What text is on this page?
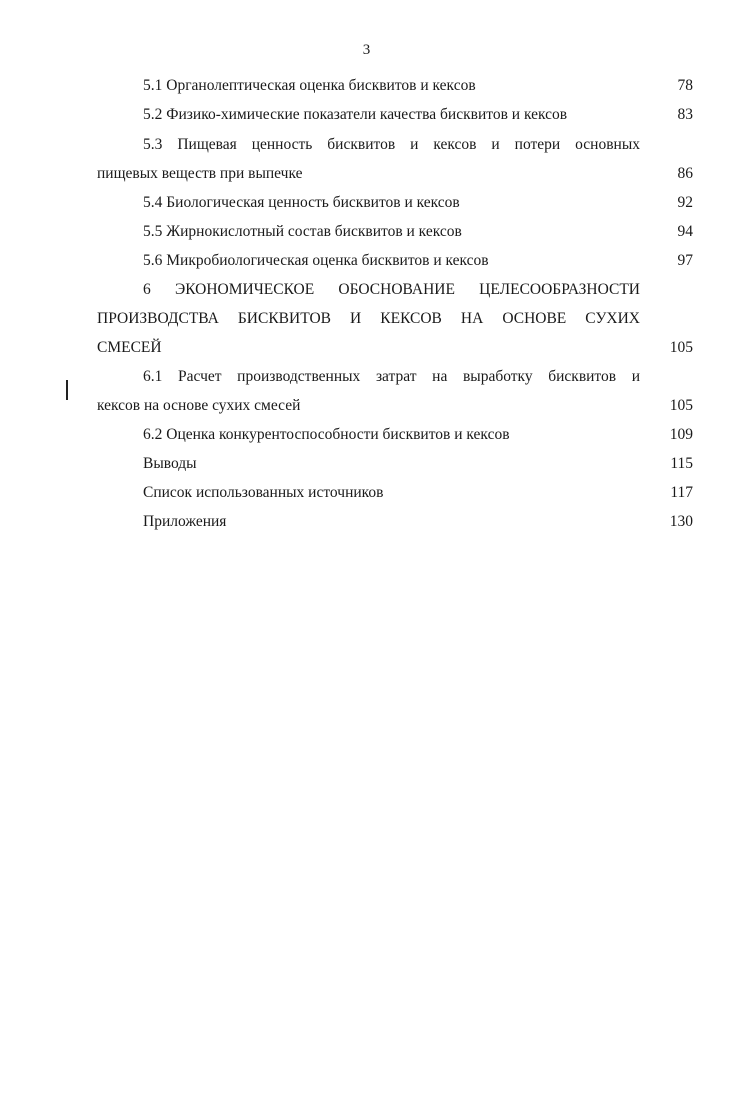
3
5.1 Органолептическая оценка бисквитов и кексов	78
5.2 Физико-химические показатели качества бисквитов и кексов	83
5.3 Пищевая ценность бисквитов и кексов и потери основных
пищевых веществ при выпечке	86
5.4 Биологическая ценность бисквитов и кексов	92
5.5 Жирнокислотный состав бисквитов и кексов	94
5.6 Микробиологическая оценка бисквитов и кексов	97
6 ЭКОНОМИЧЕСКОЕ ОБОСНОВАНИЕ ЦЕЛЕСООБРАЗНОСТИ
ПРОИЗВОДСТВА БИСКВИТОВ И КЕКСОВ НА ОСНОВЕ СУХИХ
СМЕСЕЙ	105
6.1 Расчет производственных затрат на выработку бисквитов и
кексов на основе сухих смесей	105
6.2 Оценка конкурентоспособности бисквитов и кексов	109
Выводы	115
Список использованных источников	117
Приложения	130
